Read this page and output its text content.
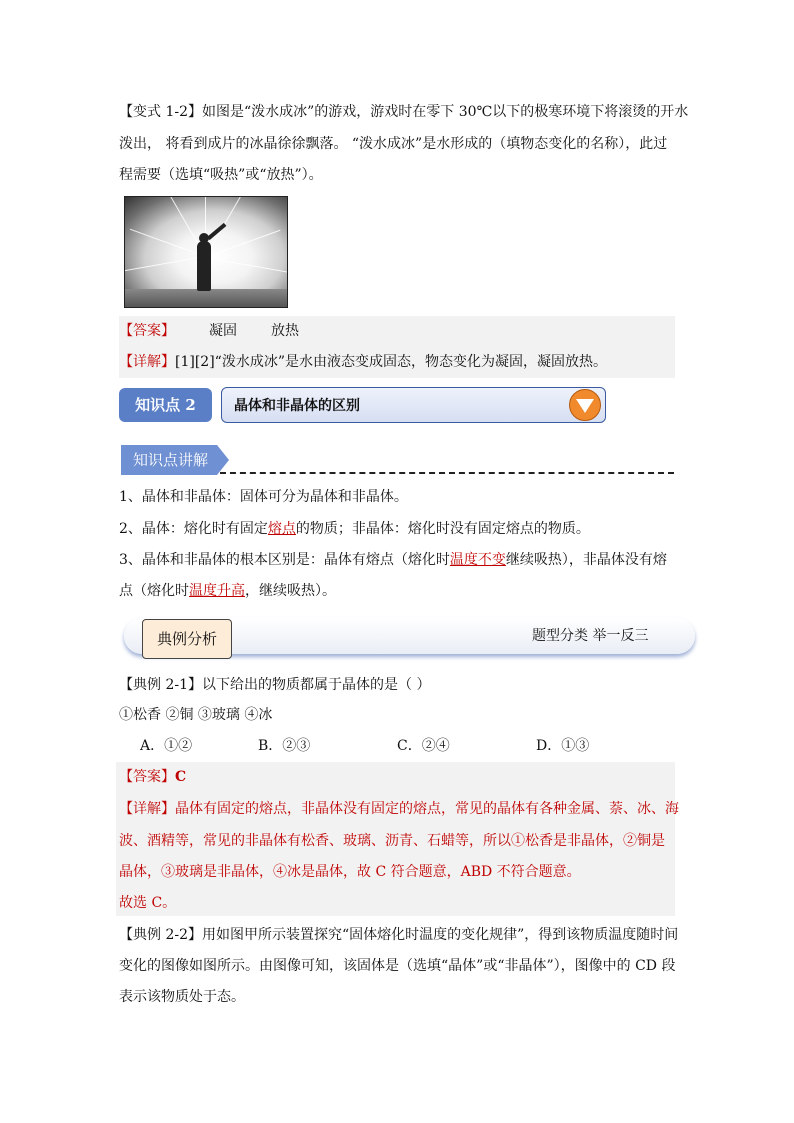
【变式 1-2】如图是“泼水成冰”的游戏，游戏时在零下 30℃以下的极寒环境下将滚烫的开水
泼出， 将看到成片的冰晶徐徐飘落。 “泼水成冰”是水形成的（填物态变化的名称），此过
程需要（选填“吸热”或“放热”）。
【答案】 凝固 放热
【详解】[1][2]“泼水成冰”是水由液态变成固态，物态变化为凝固，凝固放热。
知识点 2	晶体和非晶体的区别
知识点讲解
1、晶体和非晶体：固体可分为晶体和非晶体。
2、晶体：熔化时有固定熔点的物质；非晶体：熔化时没有固定熔点的物质。
3、晶体和非晶体的根本区别是：晶体有熔点（熔化时温度不变继续吸热），非晶体没有熔
点（熔化时温度升高，继续吸热）。
典例分析	题型分类 举一反三
【典例 2-1】以下给出的物质都属于晶体的是（ ）
①松香 ②铜 ③玻璃 ④冰
A．①②	B．②③	C．②④	D．①③
【答案】C
【详解】晶体有固定的熔点，非晶体没有固定的熔点，常见的晶体有各种金属、萘、冰、海
波、酒精等，常见的非晶体有松香、玻璃、沥青、石蜡等，所以①松香是非晶体，②铜是
晶体，③玻璃是非晶体，④冰是晶体，故 C 符合题意，ABD 不符合题意。
故选 C。
【典例 2-2】用如图甲所示装置探究“固体熔化时温度的变化规律”，得到该物质温度随时间
变化的图像如图所示。由图像可知，该固体是（选填“晶体”或“非晶体”），图像中的 CD 段
表示该物质处于态。
